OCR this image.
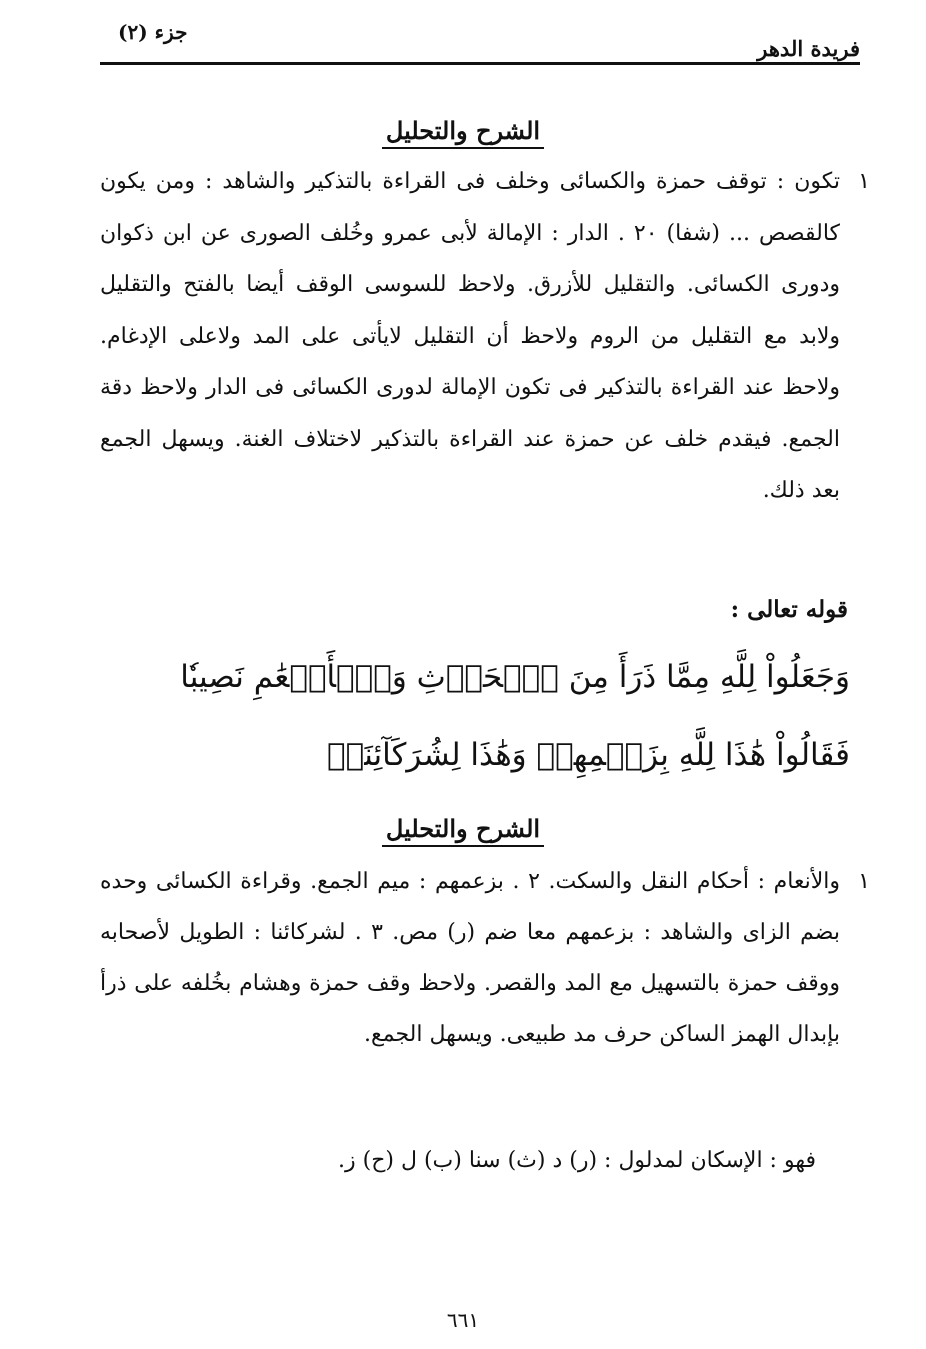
فريدة الدهر
جزء (٢)
الشرح والتحليل
١
تكون : توقف حمزة والكسائى وخلف فى القراءة بالتذكير والشاهد : ومن يكون كالقصص ... (شفا) ٢٠ . الدار : الإمالة لأبى عمرو وخُلف الصورى عن ابن ذكوان ودورى الكسائى. والتقليل للأزرق. ولاحظ للسوسى الوقف أيضا بالفتح والتقليل ولابد مع التقليل من الروم ولاحظ أن التقليل لايأتى على المد ولاعلى الإدغام. ولاحظ عند القراءة بالتذكير فى تكون الإمالة لدورى الكسائى فى الدار ولاحظ دقة الجمع. فيقدم خلف عن حمزة عند القراءة بالتذكير لاختلاف الغنة. ويسهل الجمع بعد ذلك.
قوله تعالى :
وَجَعَلُواْ لِلَّهِ مِمَّا ذَرَأَ مِنَ ٱلۡحَرۡثِ وَٱلۡأَنۡعَٰمِ نَصِيبٗا فَقَالُواْ هَٰذَا لِلَّهِ بِزَعۡمِهِمۡ وَهَٰذَا لِشُرَكَآئِنَاۖ
الشرح والتحليل
١
والأنعام : أحكام النقل والسكت. ٢ . بزعمهم : ميم الجمع. وقراءة الكسائى وحده بضم الزاى والشاهد : بزعمهم معا ضم (ر) مص. ٣ . لشركائنا : الطويل لأصحابه ووقف حمزة بالتسهيل مع المد والقصر. ولاحظ وقف حمزة وهشام بخُلفه على ذرأ بإبدال الهمز الساكن حرف مد طبيعى. ويسهل الجمع.
فهو : الإسكان لمدلول : (ر) د (ث) سنا (ب) ل (ح) ز.
٦٦١
